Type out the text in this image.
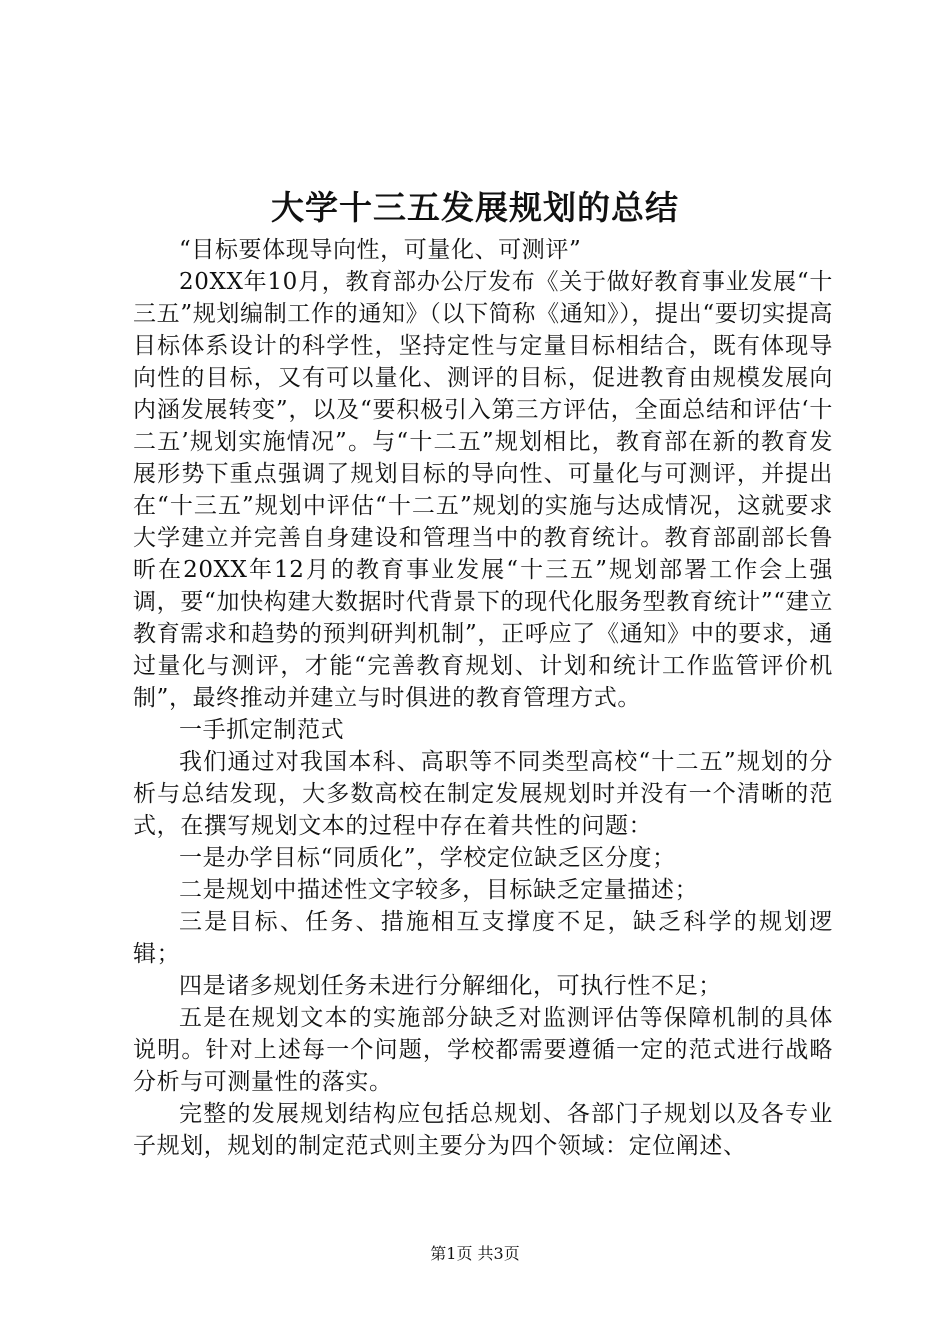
大学十三五发展规划的总结

“目标要体现导向性，可量化、可测评”

20XX年10月，教育部办公厅发布《关于做好教育事业发展“十三五”规划编制工作的通知》（以下简称《通知》），提出“要切实提高目标体系设计的科学性，坚持定性与定量目标相结合，既有体现导向性的目标，又有可以量化、测评的目标，促进教育由规模发展向内涵发展转变”，以及“要积极引入第三方评估，全面总结和评估‘十二五’规划实施情况”。与“十二五”规划相比，教育部在新的教育发展形势下重点强调了规划目标的导向性、可量化与可测评，并提出在“十三五”规划中评估“十二五”规划的实施与达成情况，这就要求大学建立并完善自身建设和管理当中的教育统计。教育部副部长鲁昕在20XX年12月的教育事业发展“十三五”规划部署工作会上强调，要“加快构建大数据时代背景下的现代化服务型教育统计”“建立教育需求和趋势的预判研判机制”，正呼应了《通知》中的要求，通过量化与测评，才能“完善教育规划、计划和统计工作监管评价机制”，最终推动并建立与时俱进的教育管理方式。

一手抓定制范式

我们通过对我国本科、高职等不同类型高校“十二五”规划的分析与总结发现，大多数高校在制定发展规划时并没有一个清晰的范式，在撰写规划文本的过程中存在着共性的问题：

一是办学目标“同质化”，学校定位缺乏区分度；

二是规划中描述性文字较多，目标缺乏定量描述；

三是目标、任务、措施相互支撑度不足，缺乏科学的规划逻辑；

四是诸多规划任务未进行分解细化，可执行性不足；

五是在规划文本的实施部分缺乏对监测评估等保障机制的具体说明。针对上述每一个问题，学校都需要遵循一定的范式进行战略分析与可测量性的落实。

完整的发展规划结构应包括总规划、各部门子规划以及各专业子规划，规划的制定范式则主要分为四个领域：定位阐述、

第1页 共3页
